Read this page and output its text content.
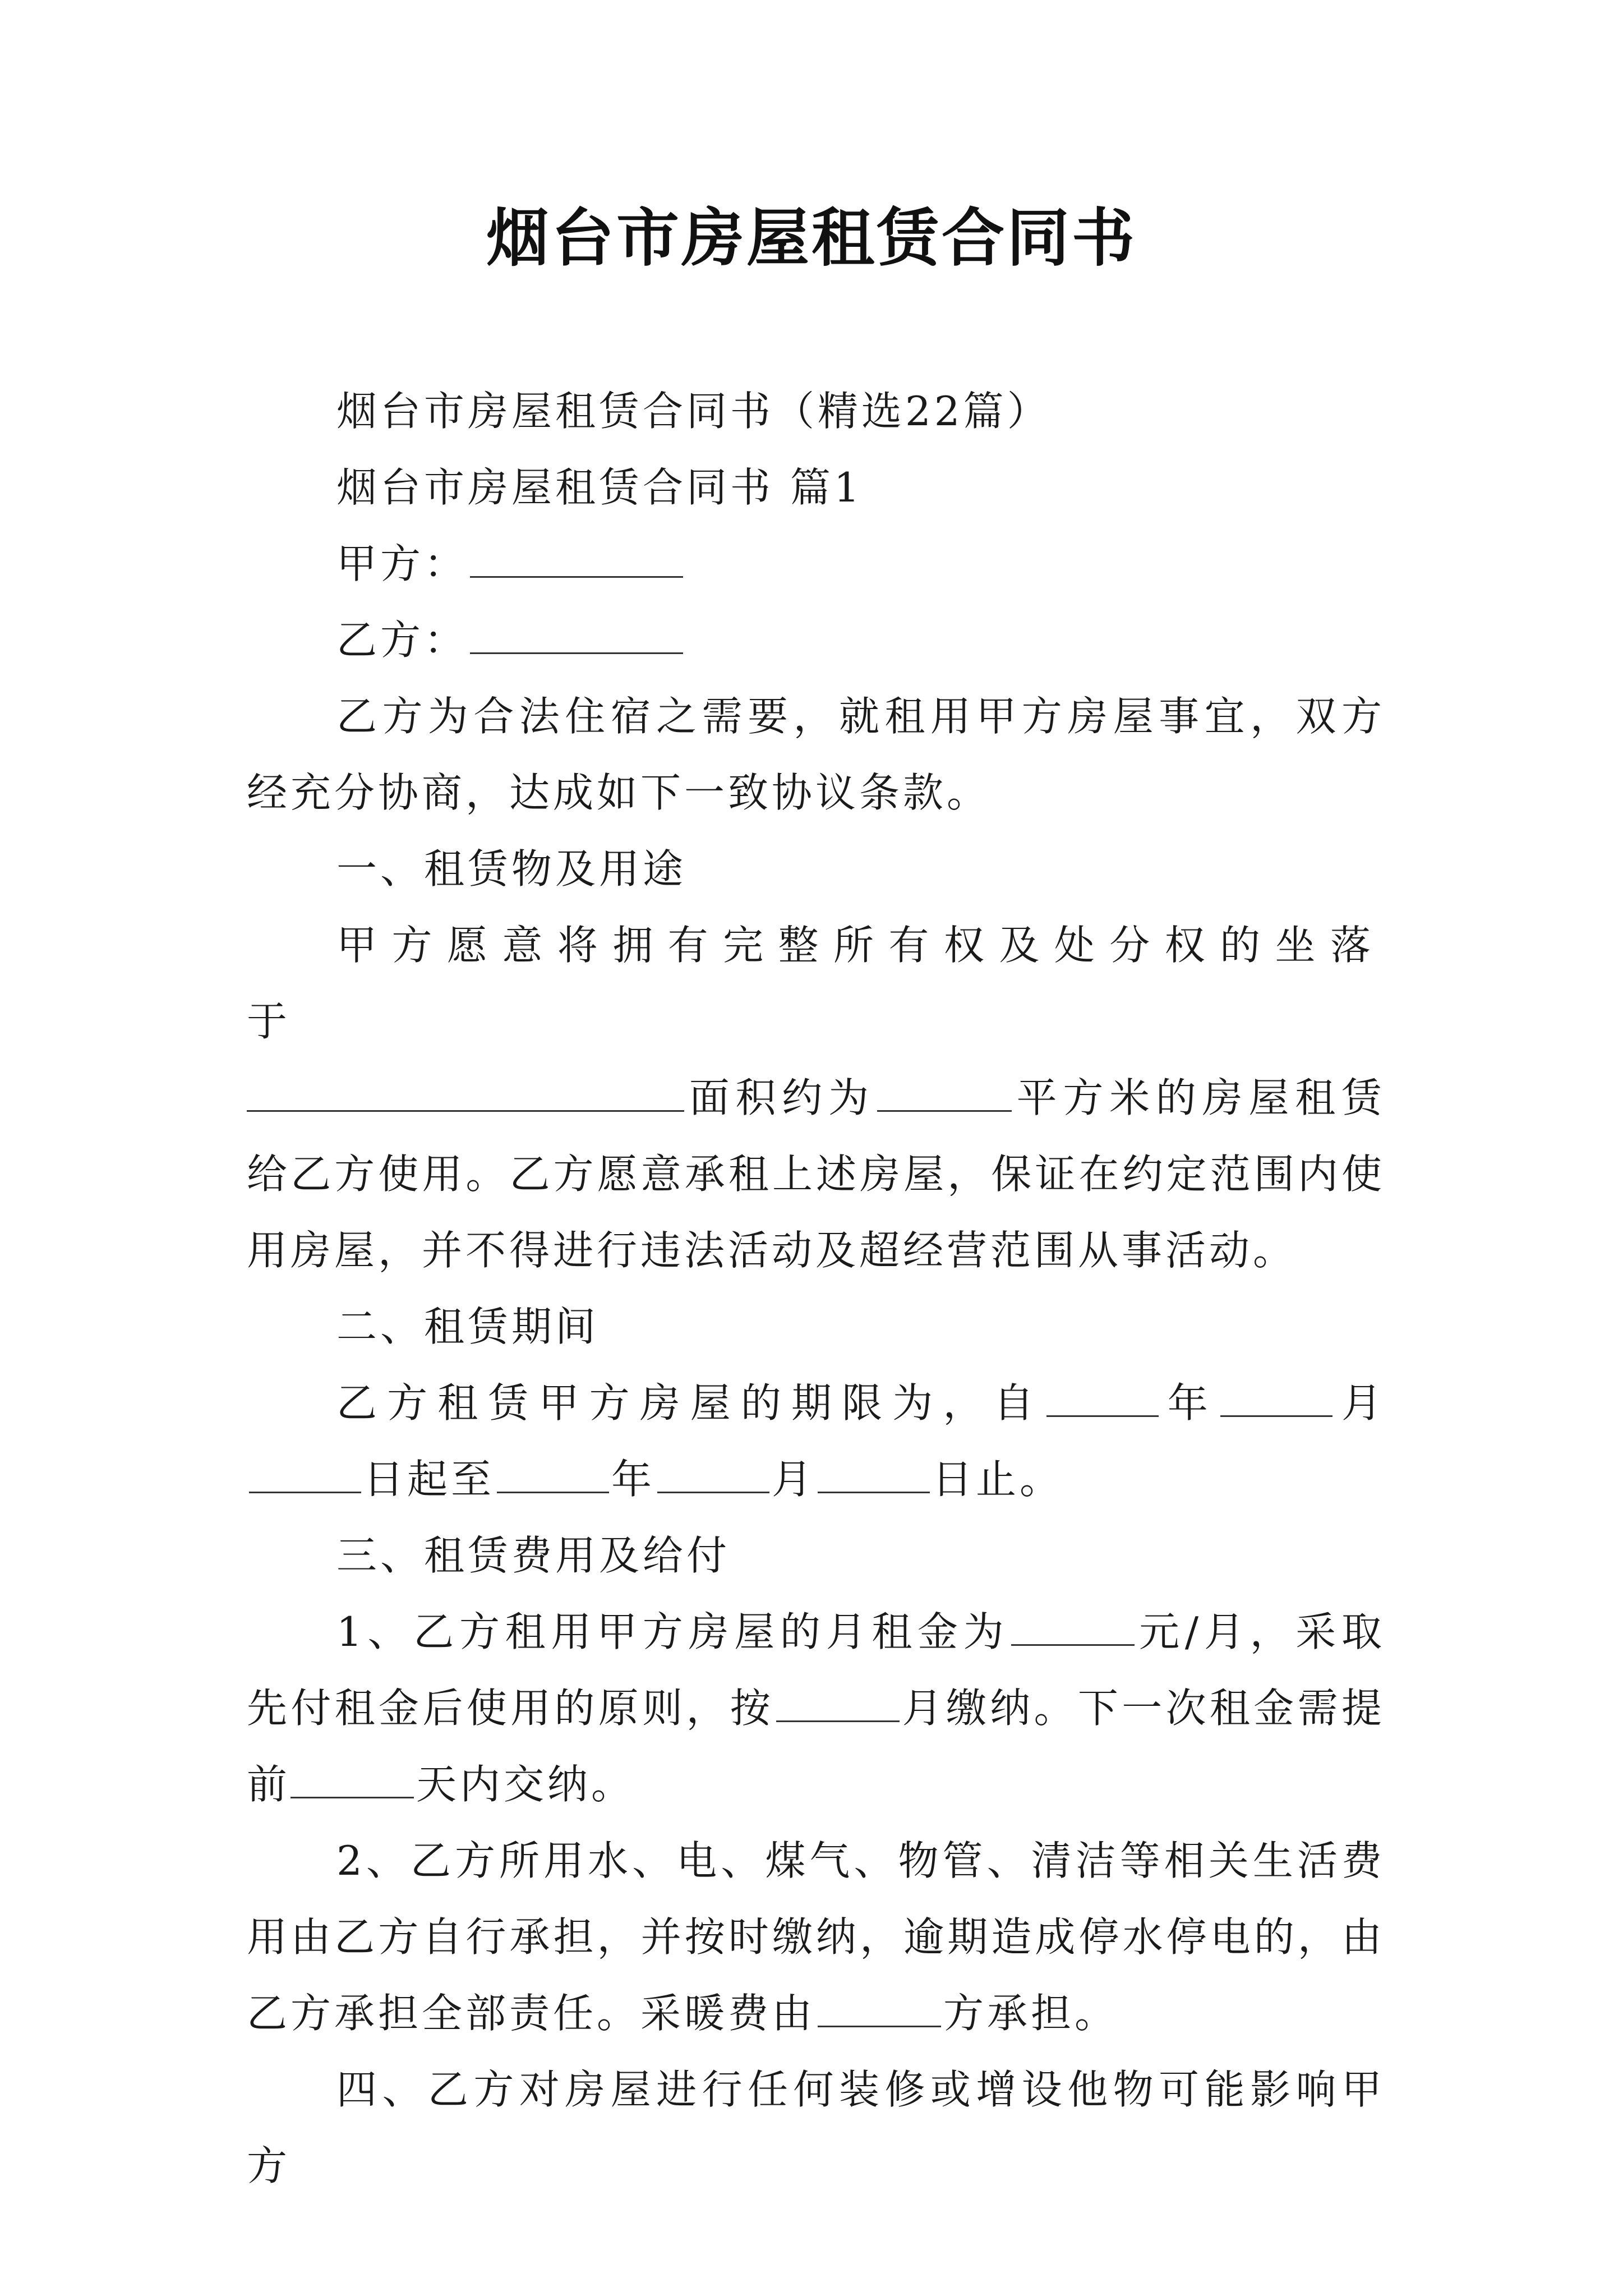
烟台市房屋租赁合同书

烟台市房屋租赁合同书（精选22篇）

烟台市房屋租赁合同书 篇1

甲方：

乙方：

乙方为合法住宿之需要，就租用甲方房屋事宜，双方经充分协商，达成如下一致协议条款。

一、租赁物及用途

甲方愿意将拥有完整所有权及处分权的坐落于

面积约为	平方米的房屋租赁给乙方使用。乙方愿意承租上述房屋，保证在约定范围内使用房屋，并不得进行违法活动及超经营范围从事活动。

二、租赁期间

乙方租赁甲方房屋的期限为，自	年	月日起至	年	月	日止。

三、租赁费用及给付

1、乙方租用甲方房屋的月租金为	元/月，采取先付租金后使用的原则，按	月缴纳。下一次租金需提前	天内交纳。

2、乙方所用水、电、煤气、物管、清洁等相关生活费用由乙方自行承担，并按时缴纳，逾期造成停水停电的，由乙方承担全部责任。采暖费由	方承担。

四、乙方对房屋进行任何装修或增设他物可能影响甲方
